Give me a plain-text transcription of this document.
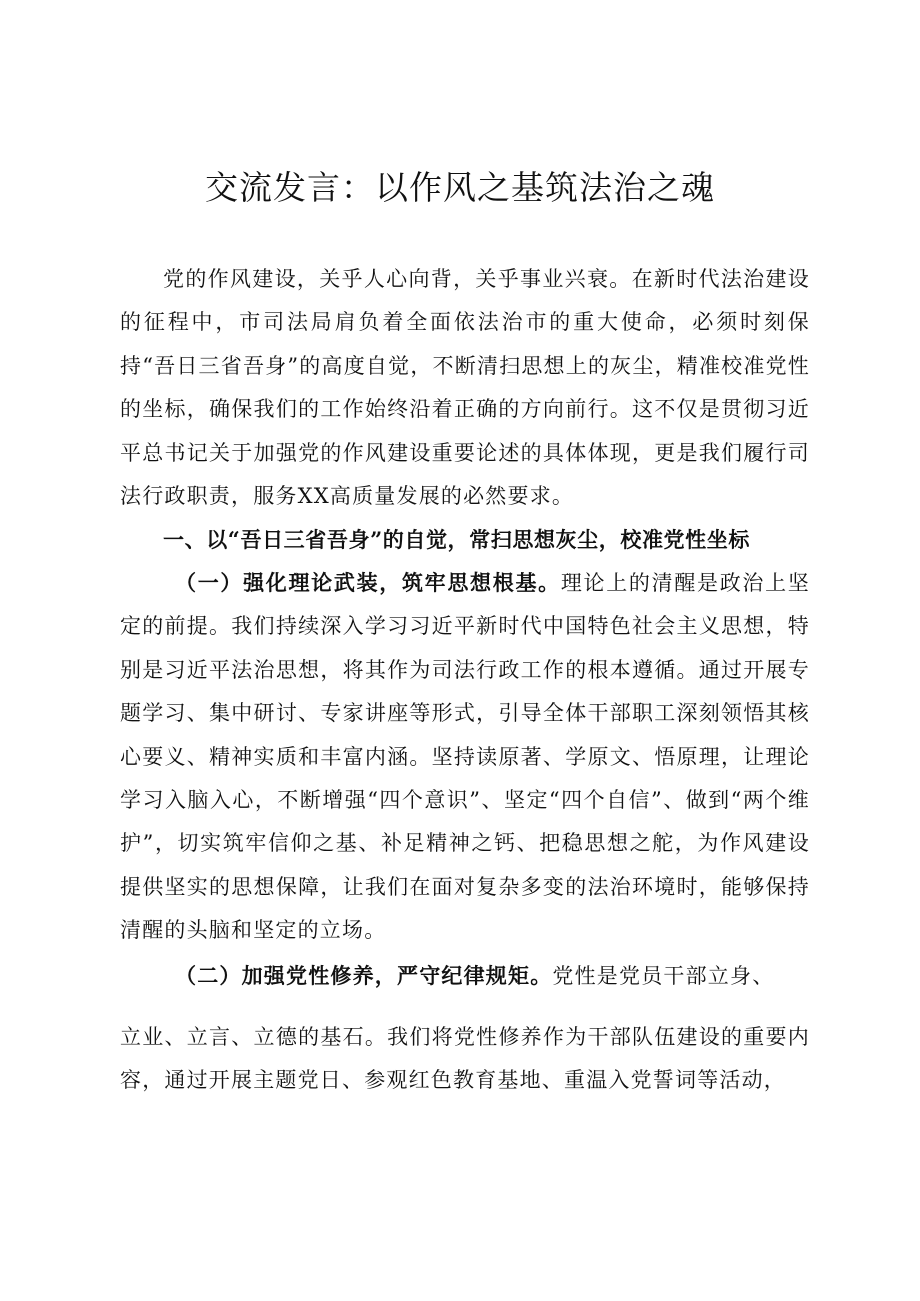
交流发言：以作风之基筑法治之魂
党的作风建设，关乎人心向背，关乎事业兴衰。在新时代法治建设的征程中，市司法局肩负着全面依法治市的重大使命，必须时刻保持“吾日三省吾身”的高度自觉，不断清扫思想上的灰尘，精准校准党性的坐标，确保我们的工作始终沿着正确的方向前行。这不仅是贯彻习近平总书记关于加强党的作风建设重要论述的具体体现，更是我们履行司法行政职责，服务XX高质量发展的必然要求。
一、以“吾日三省吾身”的自觉，常扫思想灰尘，校准党性坐标
（一）强化理论武装，筑牢思想根基。理论上的清醒是政治上坚定的前提。我们持续深入学习习近平新时代中国特色社会主义思想，特别是习近平法治思想，将其作为司法行政工作的根本遵循。通过开展专题学习、集中研讨、专家讲座等形式，引导全体干部职工深刻领悟其核心要义、精神实质和丰富内涵。坚持读原著、学原文、悟原理，让理论学习入脑入心，不断增强“四个意识”、坚定“四个自信”、做到“两个维护”，切实筑牢信仰之基、补足精神之钙、把稳思想之舵，为作风建设提供坚实的思想保障，让我们在面对复杂多变的法治环境时，能够保持清醒的头脑和坚定的立场。
（二）加强党性修养，严守纪律规矩。党性是党员干部立身、
立业、立言、立德的基石。我们将党性修养作为干部队伍建设的重要内容，通过开展主题党日、参观红色教育基地、重温入党誓词等活动，
